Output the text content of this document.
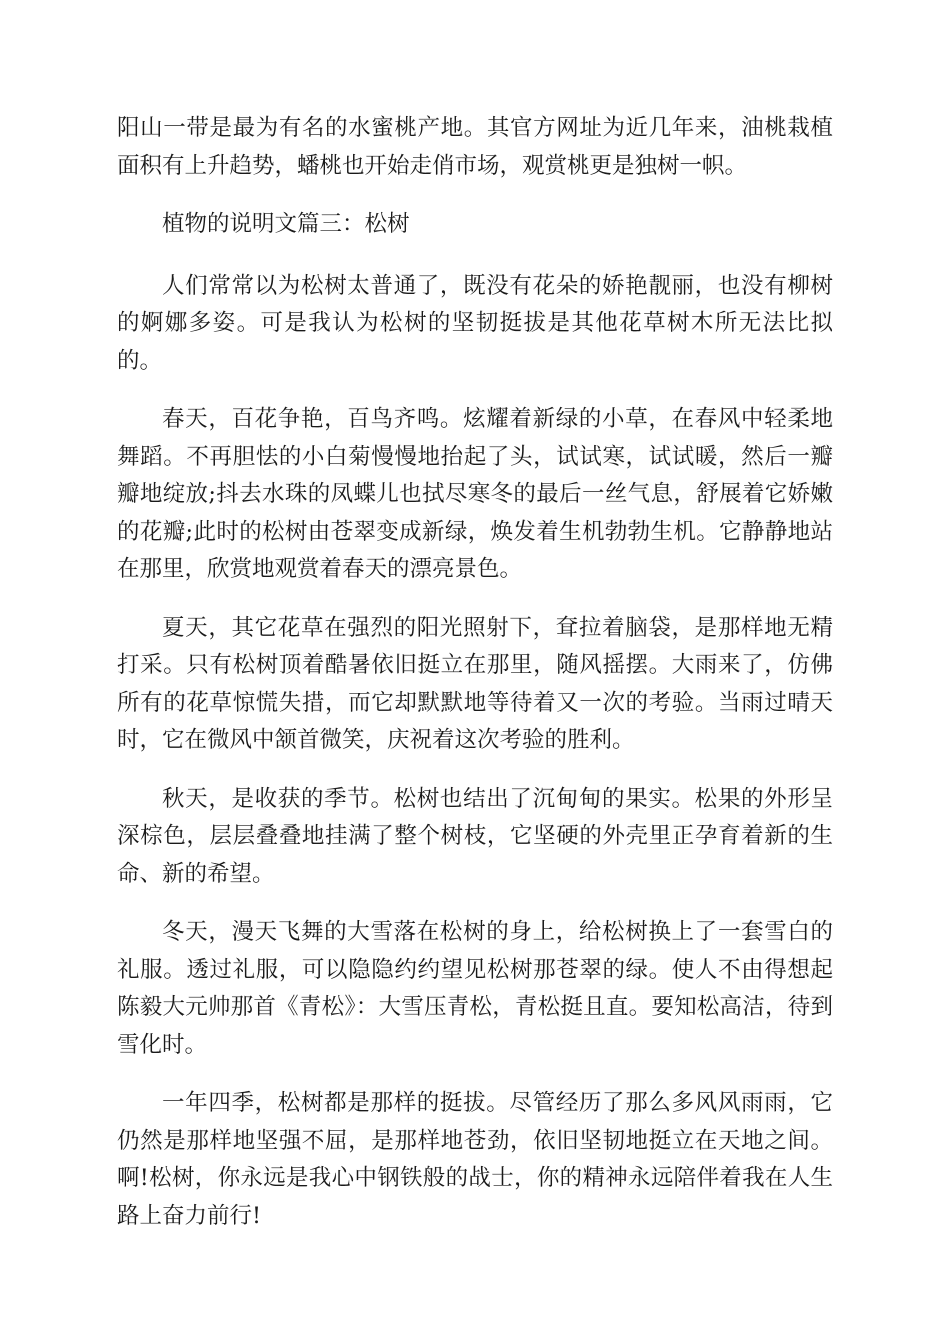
阳山一带是最为有名的水蜜桃产地。其官方网址为近几年来，油桃栽植面积有上升趋势，蟠桃也开始走俏市场，观赏桃更是独树一帜。

植物的说明文篇三：松树

人们常常以为松树太普通了，既没有花朵的娇艳靓丽，也没有柳树的婀娜多姿。可是我认为松树的坚韧挺拔是其他花草树木所无法比拟的。

春天，百花争艳，百鸟齐鸣。炫耀着新绿的小草，在春风中轻柔地舞蹈。不再胆怯的小白菊慢慢地抬起了头，试试寒，试试暖，然后一瓣瓣地绽放;抖去水珠的凤蝶儿也拭尽寒冬的最后一丝气息，舒展着它娇嫩的花瓣;此时的松树由苍翠变成新绿，焕发着生机勃勃生机。它静静地站在那里，欣赏地观赏着春天的漂亮景色。

夏天，其它花草在强烈的阳光照射下，耷拉着脑袋，是那样地无精打采。只有松树顶着酷暑依旧挺立在那里，随风摇摆。大雨来了，仿佛所有的花草惊慌失措，而它却默默地等待着又一次的考验。当雨过晴天时，它在微风中颔首微笑，庆祝着这次考验的胜利。

秋天，是收获的季节。松树也结出了沉甸甸的果实。松果的外形呈深棕色，层层叠叠地挂满了整个树枝，它坚硬的外壳里正孕育着新的生命、新的希望。

冬天，漫天飞舞的大雪落在松树的身上，给松树换上了一套雪白的礼服。透过礼服，可以隐隐约约望见松树那苍翠的绿。使人不由得想起陈毅大元帅那首《青松》：大雪压青松，青松挺且直。要知松高洁，待到雪化时。

一年四季，松树都是那样的挺拔。尽管经历了那么多风风雨雨，它仍然是那样地坚强不屈，是那样地苍劲，依旧坚韧地挺立在天地之间。啊!松树，你永远是我心中钢铁般的战士，你的精神永远陪伴着我在人生路上奋力前行!
